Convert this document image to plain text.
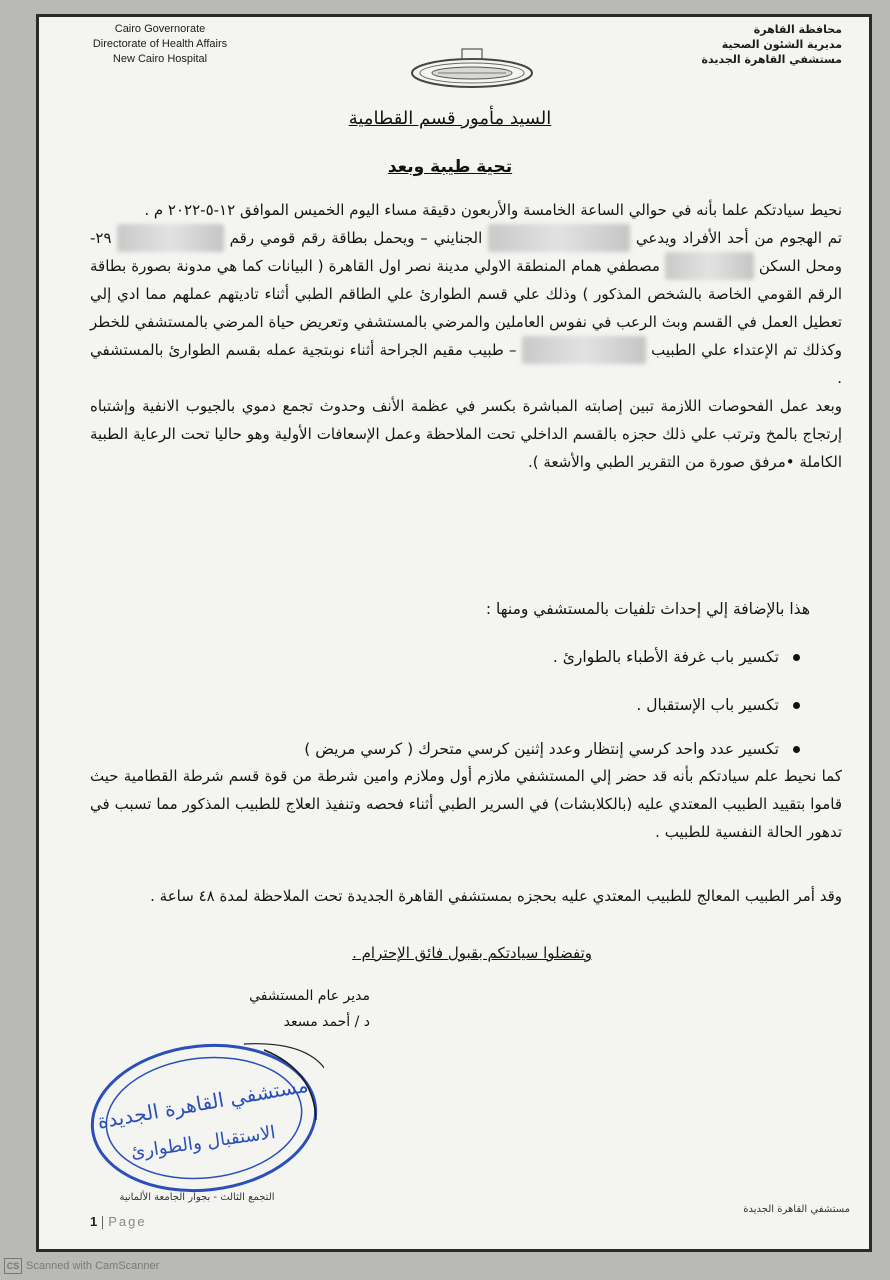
Cairo Governorate
Directorate of Health Affairs
New Cairo Hospital
محافظة القاهرة
مديرية الشئون الصحية
مستشفي القاهرة الجديدة
السيد مأمور قسم القطامية
تحية طيبة وبعد

نحيط سيادتكم علما بأنه في حوالي الساعة الخامسة والأربعون دقيقة مساء اليوم الخميس الموافق ١٢-٥-٢٠٢٢ م .

تم الهجوم من أحد الأفراد ويدعي  الجنايني – ويحمل بطاقة رقم قومي رقم  ٢٩- ومحل السكن  مصطفي همام المنطقة الاولي مدينة نصر اول القاهرة ( البيانات كما هي مدونة بصورة بطاقة الرقم القومي الخاصة بالشخص المذكور ) وذلك علي قسم الطوارئ علي الطاقم الطبي أثناء تاديتهم عملهم مما ادي إلي تعطيل العمل في القسم وبث الرعب في نفوس العاملين والمرضي بالمستشفي وتعريض حياة المرضي بالمستشفي للخطر وكذلك تم الإعتداء علي الطبيب  – طبيب مقيم الجراحة أثناء نوبتجية عمله بقسم الطوارئ بالمستشفي .

وبعد عمل الفحوصات اللازمة تبين إصابته المباشرة بكسر في عظمة الأنف وحدوث تجمع دموي بالجيوب الانفية وإشتباه إرتجاج بالمخ وترتب علي ذلك حجزه بالقسم الداخلي تحت الملاحظة وعمل الإسعافات الأولية وهو حاليا تحت الرعاية الطبية الكاملة •مرفق صورة من التقرير الطبي والأشعة ).

هذا بالإضافة إلي إحداث تلفيات بالمستشفي ومنها :
تكسير باب غرفة الأطباء بالطوارئ .
تكسير باب الإستقبال .
تكسير عدد واحد كرسي إنتظار وعدد إثنين كرسي متحرك ( كرسي مريض )
كما نحيط علم سيادتكم بأنه قد حضر إلي المستشفي ملازم أول وملازم وامين شرطة من قوة قسم شرطة القطامية حيث قاموا بتقييد الطبيب المعتدي عليه (بالكلابشات) في السرير الطبي أثناء فحصه وتنفيذ العلاج للطبيب المذكور مما تسبب في تدهور الحالة النفسية للطبيب .
وقد أمر الطبيب المعالج للطبيب المعتدي عليه بحجزه بمستشفي القاهرة الجديدة تحت الملاحظة لمدة ٤٨ ساعة .
وتفضلوا سيادتكم بقبول فائق الإحترام .
مدير عام المستشفي
د / أحمد مسعد
مستشفي القاهرة الجديدة
الاستقبال والطوارئ
التجمع الثالث - بجوار الجامعة الألمانية
مستشفي القاهرة الجديدة
1 Page
CS Scanned with CamScanner
